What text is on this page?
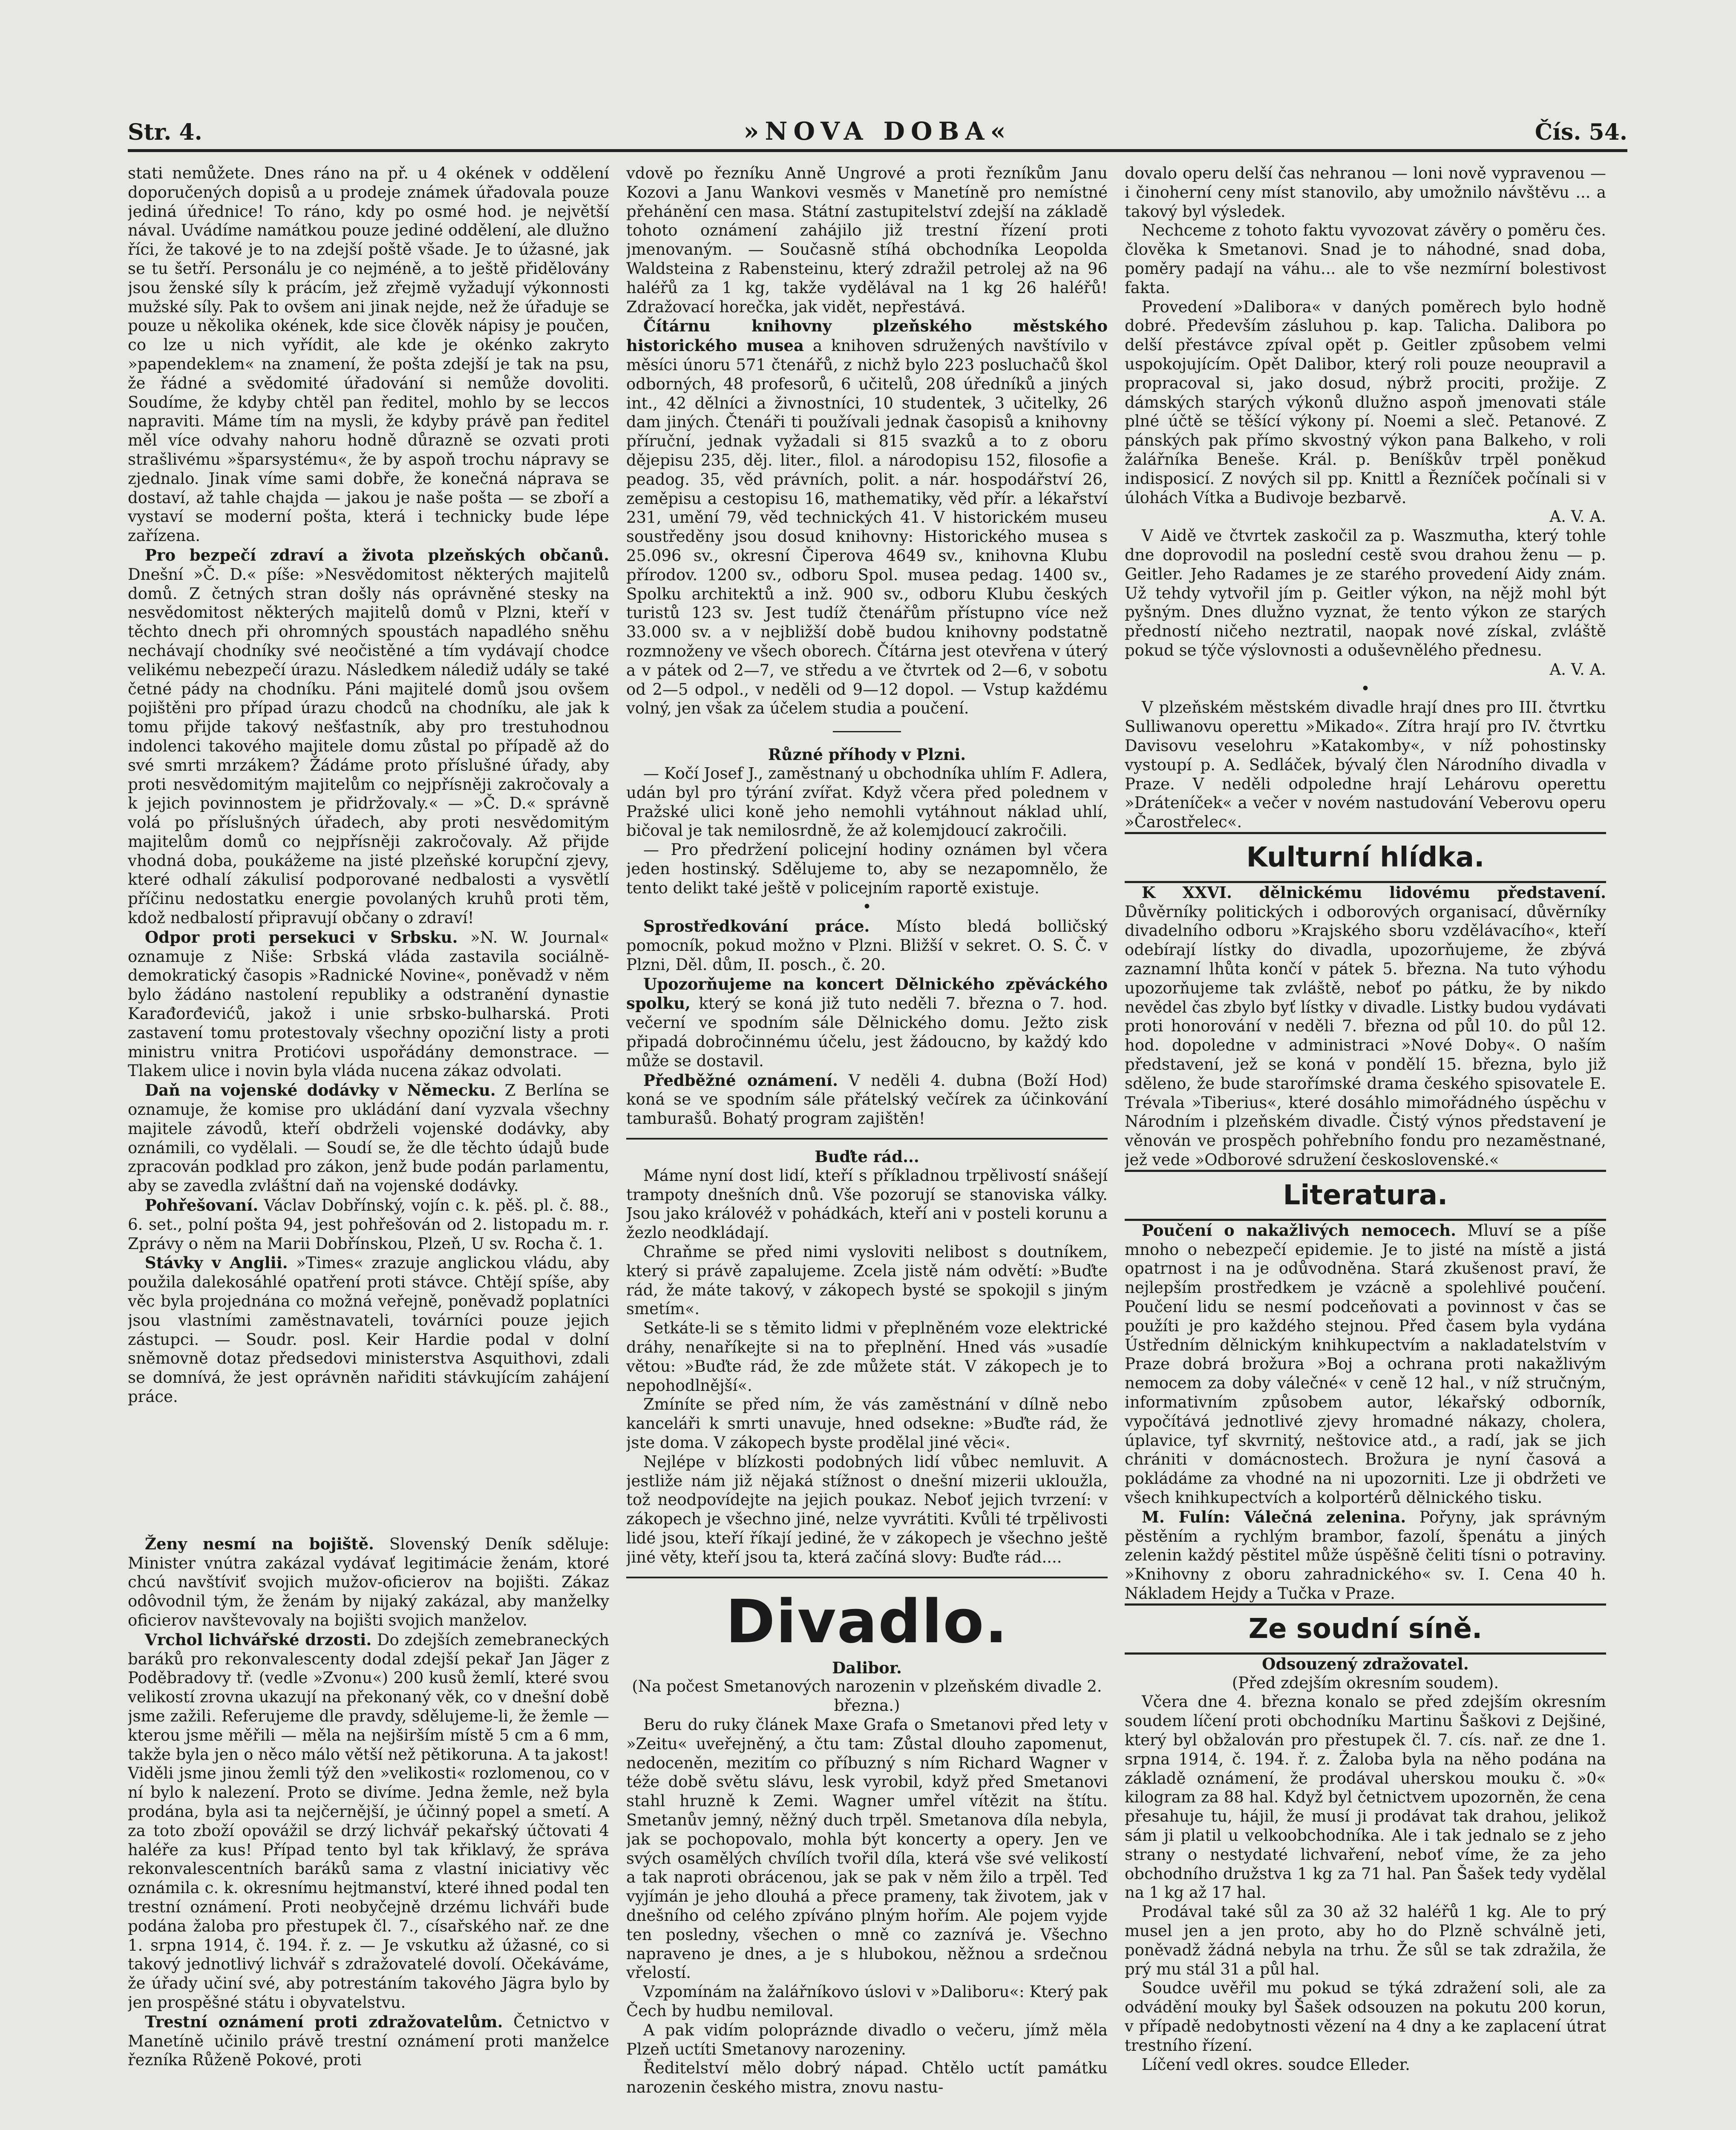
Str. 4.	»NOVA DOBA«	Čís. 54.

stati nemůžete. Dnes ráno na př. u 4 okének v oddělení doporučených dopisů a u prodeje známek úřadovala pouze jediná úřednice! To ráno, kdy po osmé hod. je největší nával. Uvádíme namátkou pouze jediné oddělení, ale dlužno říci, že takové je to na zdejší poště všade. Je to úžasné, jak se tu šetří. Personálu je co nejméně, a to ještě přidělovány jsou ženské síly k prácím, jež zřejmě vyžadují výkonnosti mužské síly. Pak to ovšem ani jinak nejde, než že úřaduje se pouze u několika okének, kde sice člověk nápisy je poučen, co lze u nich vyřídit, ale kde je okénko zakryto »papendeklem« na znamení, že pošta zdejší je tak na psu, že řádné a svědomité úřadování si nemůže dovoliti. Soudíme, že kdyby chtěl pan ředitel, mohlo by se leccos napraviti. Máme tím na mysli, že kdyby právě pan ředitel měl více odvahy nahoru hodně důrazně se ozvati proti strašlivému »šparsystému«, že by aspoň trochu nápravy se zjednalo. Jinak víme sami dobře, že konečná náprava se dostaví, až tahle chajda — jakou je naše pošta — se zboří a vystaví se moderní pošta, která i technicky bude lépe zařízena.

Pro bezpečí zdraví a života plzeňských občanů. Dnešní »Č. D.« píše: »Nesvědomitost některých majitelů domů. Z četných stran došly nás oprávněné stesky na nesvědomitost některých majitelů domů v Plzni, kteří v těchto dnech při ohromných spoustách napadlého sněhu nechávají chodníky své neočistěné a tím vydávají chodce velikému nebezpečí úrazu. Následkem nálediž udály se také četné pády na chodníku. Páni majitelé domů jsou ovšem pojištěni pro případ úrazu chodců na chodníku, ale jak k tomu přijde takový nešťastník, aby pro trestuhodnou indolenci takového majitele domu zůstal po případě až do své smrti mrzákem? Žádáme proto příslušné úřady, aby proti nesvědomitým majitelům co nejpřísněji zakročovaly a k jejich povinnostem je přidržovaly.« — »Č. D.« správně volá po příslušných úřadech, aby proti nesvědomitým majitelům domů co nejpřísněji zakročovaly. Až přijde vhodná doba, poukážeme na jisté plzeňské korupční zjevy, které odhalí zákulisí podporované nedbalosti a vysvětlí příčinu nedostatku energie povolaných kruhů proti těm, kdož nedbalostí připravují občany o zdraví!

Odpor proti persekuci v Srbsku. »N. W. Journal« oznamuje z Niše: Srbská vláda zastavila sociálně-demokratický časopis »Radnické Novine«, poněvadž v něm bylo žádáno nastolení republiky a odstranění dynastie Karađorđevićů, jakož i unie srbsko-bulharská. Proti zastavení tomu protestovaly všechny opoziční listy a proti ministru vnitra Protićovi uspořádány demonstrace. — Tlakem ulice i novin byla vláda nucena zákaz odvolati.

Daň na vojenské dodávky v Německu. Z Berlína se oznamuje, že komise pro ukládání daní vyzvala všechny majitele závodů, kteří obdrželi vojenské dodávky, aby oznámili, co vydělali. — Soudí se, že dle těchto údajů bude zpracován podklad pro zákon, jenž bude podán parlamentu, aby se zavedla zvláštní daň na vojenské dodávky.

Pohřešovaní. Václav Dobřínský, vojín c. k. pěš. pl. č. 88., 6. set., polní pošta 94, jest pohřešován od 2. listopadu m. r. Zprávy o něm na Marii Dobřínskou, Plzeň, U sv. Rocha č. 1.

Stávky v Anglii. »Times« zrazuje anglickou vládu, aby použila dalekosáhlé opatření proti stávce. Chtějí spíše, aby věc byla projednána co možná veřejně, poněvadž poplatníci jsou vlastními zaměstnavateli, továrníci pouze jejich zástupci. — Soudr. posl. Keir Hardie podal v dolní sněmovně dotaz předsedovi ministerstva Asquithovi, zdali se domnívá, že jest oprávněn nařiditi stávkujícím zahájení práce.

Ženy nesmí na bojiště. Slovenský Deník sděluje: Minister vnútra zakázal vydávať legitimácie ženám, ktoré chcú navštíviť svojich mužov-oficierov na bojišti. Zákaz odôvodnil tým, že ženám by nijaký zakázal, aby manželky oficierov navštevovaly na bojišti svojich manželov.

Vrchol lichvářské drzosti. Do zdejších zemebraneckých baráků pro rekonvalescenty dodal zdejší pekař Jan Jäger z Poděbradovy tř. (vedle »Zvonu«) 200 kusů žemlí, které svou velikostí zrovna ukazují na překonaný věk, co v dnešní době jsme zažili. Referujeme dle pravdy, sdělujeme-li, že žemle — kterou jsme měřili — měla na nejširším místě 5 cm a 6 mm, takže byla jen o něco málo větší než pětikoruna. A ta jakost! Viděli jsme jinou žemli týž den »velikosti« rozlomenou, co v ní bylo k nalezení. Proto se divíme. Jedna žemle, než byla prodána, byla asi ta nejčernější, je účinný popel a smetí. A za toto zboží opovážil se drzý lichvář pekařský účtovati 4 haléře za kus! Případ tento byl tak křiklavý, že správa rekonvalescentních baráků sama z vlastní iniciativy věc oznámila c. k. okresnímu hejtmanství, které ihned podal ten trestní oznámení. Proti neobyčejně drzému lichváři bude podána žaloba pro přestupek čl. 7., císařského nař. ze dne 1. srpna 1914, č. 194. ř. z. — Je vskutku až úžasné, co si takový jednotlivý lichvář s zdražovatelé dovolí. Očekáváme, že úřady učiní své, aby potrestáním takového Jägra bylo by jen prospěšné státu i obyvatelstvu.

Trestní oznámení proti zdražovatelům. Četnictvo v Manetíně učinilo právě trestní oznámení proti manželce řezníka Růženě Pokové, proti

vdově po řezníku Anně Ungrové a proti řezníkům Janu Kozovi a Janu Wankovi vesměs v Manetíně pro nemístné přehánění cen masa. Státní zastupitelství zdejší na základě tohoto oznámení zahájilo již trestní řízení proti jmenovaným. — Současně stíhá obchodníka Leopolda Waldsteina z Rabensteinu, který zdražil petrolej až na 96 haléřů za 1 kg, takže vydělával na 1 kg 26 haléřů! Zdražovací horečka, jak vidět, nepřestává.

Čítárnu knihovny plzeňského městského historického musea a knihoven sdružených navštívilo v měsíci únoru 571 čtenářů, z nichž bylo 223 posluchačů škol odborných, 48 profesorů, 6 učitelů, 208 úředníků a jiných int., 42 dělníci a živnostníci, 10 studentek, 3 učitelky, 26 dam jiných. Čtenáři ti používali jednak časopisů a knihovny příruční, jednak vyžadali si 815 svazků a to z oboru dějepisu 235, děj. liter., filol. a národopisu 152, filosofie a peadog. 35, věd právních, polit. a nár. hospodářství 26, zeměpisu a cestopisu 16, mathematiky, věd přír. a lékařství 231, umění 79, věd technických 41. V historickém museu soustředěny jsou dosud knihovny: Historického musea s 25.096 sv., okresní Čiperova 4649 sv., knihovna Klubu přírodov. 1200 sv., odboru Spol. musea pedag. 1400 sv., Spolku architektů a inž. 900 sv., odboru Klubu českých turistů 123 sv. Jest tudíž čtenářům přístupno více než 33.000 sv. a v nejbližší době budou knihovny podstatně rozmnoženy ve všech oborech. Čítárna jest otevřena v úterý a v pátek od 2—7, ve středu a ve čtvrtek od 2—6, v sobotu od 2—5 odpol., v neděli od 9—12 dopol. — Vstup každému volný, jen však za účelem studia a poučení.

Různé příhody v Plzni.

— Kočí Josef J., zaměstnaný u obchodníka uhlím F. Adlera, udán byl pro týrání zvířat. Když včera před polednem v Pražské ulici koně jeho nemohli vytáhnout náklad uhlí, bičoval je tak nemilosrdně, že až kolemjdoucí zakročili.

— Pro předržení policejní hodiny oznámen byl včera jeden hostinský. Sdělujeme to, aby se nezapomnělo, že tento delikt také ještě v policejním raportě existuje.

•

Sprostředkování práce. Místo bledá bolličský pomocník, pokud možno v Plzni. Bližší v sekret. O. S. Č. v Plzni, Děl. dům, II. posch., č. 20.

Upozorňujeme na koncert Dělnického zpěváckého spolku, který se koná již tuto neděli 7. března o 7. hod. večerní ve spodním sále Dělnického domu. Ježto zisk připadá dobročinnému účelu, jest žádoucno, by každý kdo může se dostavil.

Předběžné oznámení. V neděli 4. dubna (Boží Hod) koná se ve spodním sále přátelský večírek za účinkování tamburašů. Bohatý program zajištěn!

Buďte rád...

Máme nyní dost lidí, kteří s příkladnou trpělivostí snášejí trampoty dnešních dnů. Vše pozorují se stanoviska války. Jsou jako královéž v pohádkách, kteří ani v posteli korunu a žezlo neodkládají.

Chraňme se před nimi vysloviti nelibost s doutníkem, který si právě zapalujeme. Zcela jistě nám odvětí: »Buďte rád, že máte takový, v zákopech bysté se spokojil s jiným smetím«.

Setkáte-li se s těmito lidmi v přeplněném voze elektrické dráhy, nenaříkejte si na to přeplnění. Hned vás »usadíe větou: »Buďte rád, že zde můžete stát. V zákopech je to nepohodlnější«.

Zmíníte se před ním, že vás zaměstnání v dílně nebo kanceláři k smrti unavuje, hned odsekne: »Buďte rád, že jste doma. V zákopech byste prodělal jiné věci«.

Nejlépe v blízkosti podobných lidí vůbec nemluvit. A jestliže nám již nějaká stížnost o dnešní mizerii ukloužla, tož neodpovídejte na jejich poukaz. Neboť jejich tvrzení: v zákopech je všechno jiné, nelze vyvrátiti. Kvůli té trpělivosti lidé jsou, kteří říkají jediné, že v zákopech je všechno ještě jiné věty, kteří jsou ta, která začíná slovy: Buďte rád....

Divadlo.

Dalibor.

(Na počest Smetanových narozenin v plzeňském divadle 2. března.)

Beru do ruky článek Maxe Grafa o Smetanovi před lety v »Zeitu« uveřejněný, a čtu tam: Zůstal dlouho zapomenut, nedoceněn, mezitím co příbuzný s ním Richard Wagner v téže době světu slávu, lesk vyrobil, když před Smetanovi stahl hruzně k Zemi. Wagner umřel vítězit na štítu. Smetanův jemný, něžný duch trpěl. Smetanova díla nebyla, jak se pochopovalo, mohla být koncerty a opery. Jen ve svých osamělých chvílích tvořil díla, která vše své velikostí a tak naproti obrácenou, jak se pak v něm žilo a trpěl. Teď vyjímán je jeho dlouhá a přece prameny, tak životem, jak v dnešního od celého zpíváno plným hořím. Ale pojem vyjde ten posledny, všechen o mně co zaznívá je. Všechno napraveno je dnes, a je s hlubokou, něžnou a srdečnou vřelostí.

Vzpomínám na žalářníkovo úslovi v »Daliboru«: Který pak Čech by hudbu nemiloval.

A pak vidím polopráznde divadlo o večeru, jímž měla Plzeň uctíti Smetanovy narozeniny.

Ředitelství mělo dobrý nápad. Chtělo uctít památku narozenin českého mistra, znovu nastu-

dovalo operu delší čas nehranou — loni nově vypravenou — i činoherní ceny míst stanovilo, aby umožnilo návštěvu ... a takový byl výsledek.

Nechceme z tohoto faktu vyvozovat závěry o poměru čes. člověka k Smetanovi. Snad je to náhodné, snad doba, poměry padají na váhu... ale to vše nezmírní bolestivost fakta.

Provedení »Dalibora« v daných poměrech bylo hodně dobré. Především zásluhou p. kap. Talicha. Dalibora po delší přestávce zpíval opět p. Geitler způsobem velmi uspokojujícím. Opět Dalibor, který roli pouze neoupravil a propracoval si, jako dosud, nýbrž prociti, prožije. Z dámských starých výkonů dlužno aspoň jmenovati stále plné účtě se těšící výkony pí. Noemi a sleč. Petanové. Z pánských pak přímo skvostný výkon pana Balkeho, v roli žalářníka Beneše. Král. p. Beníškův trpěl poněkud indisposicí. Z nových sil pp. Knittl a Řezníček počínali si v úlohách Vítka a Budivoje bezbarvě.

A. V. A.

V Aidě ve čtvrtek zaskočil za p. Waszmutha, který tohle dne doprovodil na poslední cestě svou drahou ženu — p. Geitler. Jeho Radames je ze starého provedení Aidy znám. Už tehdy vytvořil jím p. Geitler výkon, na nějž mohl být pyšným. Dnes dlužno vyznat, že tento výkon ze starých předností ničeho neztratil, naopak nové získal, zvláště pokud se týče výslovnosti a oduševnělého přednesu.

A. V. A.

•

V plzeňském městském divadle hrají dnes pro III. čtvrtku Sulliwanovu operettu »Mikado«. Zítra hrají pro IV. čtvrtku Davisovu veselohru »Katakomby«, v níž pohostinsky vystoupí p. A. Sedláček, bývalý člen Národního divadla v Praze. V neděli odpoledne hrají Lehárovu operettu »Dráteníček« a večer v novém nastudování Veberovu operu »Čarostřelec«.

Kulturní hlídka.

K XXVI. dělnickému lidovému představení. Důvěrníky politických i odborových organisací, důvěrníky divadelního odboru »Krajského sboru vzdělávacího«, kteří odebírají lístky do divadla, upozorňujeme, že zbývá zaznamní lhůta končí v pátek 5. března. Na tuto výhodu upozorňujeme tak zvláště, neboť po pátku, že by nikdo nevědel čas zbylo byť lístky v divadle. Listky budou vydávati proti honorování v neděli 7. března od půl 10. do půl 12. hod. dopoledne v administraci »Nové Doby«. O naším představení, jež se koná v pondělí 15. března, bylo již sděleno, že bude starořímské drama českého spisovatele E. Trévala »Tiberius«, které dosáhlo mimořádného úspěchu v Národním i plzeňském divadle. Čistý výnos představení je věnován ve prospěch pohřebního fondu pro nezaměstnané, jež vede »Odborové sdružení československé.«

Literatura.

Poučení o nakažlivých nemocech. Mluví se a píše mnoho o nebezpečí epidemie. Je to jisté na místě a jistá opatrnost i na je odůvodněna. Stará zkušenost praví, že nejlepším prostředkem je vzácně a spolehlivé poučení. Poučení lidu se nesmí podceňovati a povinnost v čas se použíti je pro každého stejnou. Před časem byla vydána Ústředním dělnickým knihkupectvím a nakladatelstvím v Praze dobrá brožura »Boj a ochrana proti nakažlivým nemocem za doby válečné« v ceně 12 hal., v níž stručným, informativním způsobem autor, lékařský odborník, vypočítává jednotlivé zjevy hromadné nákazy, cholera, úplavice, tyf skvrnitý, neštovice atd., a radí, jak se jich chrániti v domácnostech. Brožura je nyní časová a pokládáme za vhodné na ni upozorniti. Lze ji obdržeti ve všech knihkupectvích a kolportérů dělnického tisku.

M. Fulín: Válečná zelenina. Pořyny, jak správným pěstěním a rychlým brambor, fazolí, špenátu a jiných zelenin každý pěstitel může úspěšně čeliti tísni o potraviny. »Knihovny z oboru zahradnického« sv. I. Cena 40 h. Nákladem Hejdy a Tučka v Praze.

Ze soudní síně.

Odsouzený zdražovatel.

(Před zdejším okresním soudem).

Včera dne 4. března konalo se před zdejším okresním soudem líčení proti obchodníku Martinu Šaškovi z Dejšiné, který byl obžalován pro přestupek čl. 7. cís. nař. ze dne 1. srpna 1914, č. 194. ř. z. Žaloba byla na něho podána na základě oznámení, že prodával uherskou mouku č. »0« kilogram za 88 hal. Když byl četnictvem upozorněn, že cena přesahuje tu, hájil, že musí ji prodávat tak drahou, jelikož sám ji platil u velkoobchodníka. Ale i tak jednalo se z jeho strany o nestydaté lichvaření, neboť víme, že za jeho obchodního družstva 1 kg za 71 hal. Pan Šašek tedy vydělal na 1 kg až 17 hal.

Prodával také sůl za 30 až 32 haléřů 1 kg. Ale to prý musel jen a jen proto, aby ho do Plzně schválně jeti, poněvadž žádná nebyla na trhu. Že sůl se tak zdražila, že prý mu stál 31 a půl hal.

Soudce uvěřil mu pokud se týká zdražení soli, ale za odvádění mouky byl Šašek odsouzen na pokutu 200 korun, v případě nedobytnosti vězení na 4 dny a ke zaplacení útrat trestního řízení.

Líčení vedl okres. soudce Elleder.
